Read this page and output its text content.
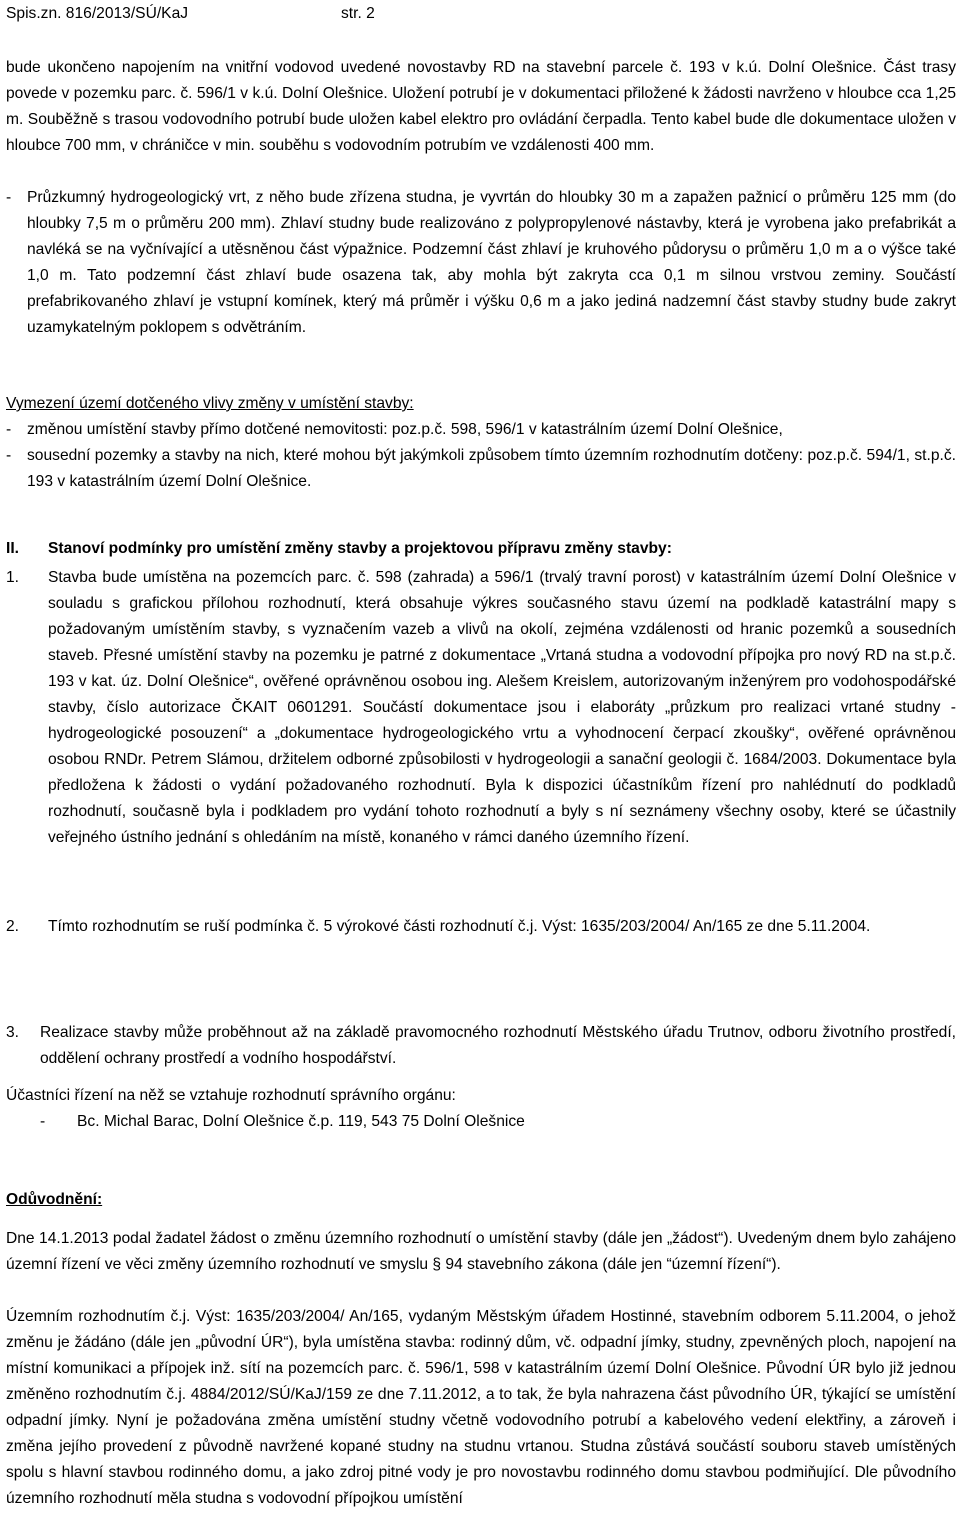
Spis.zn. 816/2013/SÚ/KaJ	str. 2
bude ukončeno napojením na vnitřní vodovod uvedené novostavby RD na stavební parcele č. 193 v k.ú. Dolní Olešnice. Část trasy povede v pozemku parc. č. 596/1 v k.ú. Dolní Olešnice. Uložení potrubí je v dokumentaci přiložené k žádosti navrženo v hloubce cca 1,25 m. Souběžně s trasou vodovodního potrubí bude uložen kabel elektro pro ovládání čerpadla. Tento kabel bude dle dokumentace uložen v hloubce 700 mm, v chráničce v min. souběhu s vodovodním potrubím ve vzdálenosti 400 mm.
- Průzkumný hydrogeologický vrt, z něho bude zřízena studna, je vyvrtán do hloubky 30 m a zapažen pažnicí o průměru 125 mm (do hloubky 7,5 m o průměru 200 mm). Zhlaví studny bude realizováno z polypropylenové nástavby, která je vyrobena jako prefabrikát a navléká se na vyčnívající a utěsněnou část výpažnice. Podzemní část zhlaví je kruhového půdorysu o průměru 1,0 m a o výšce také 1,0 m. Tato podzemní část zhlaví bude osazena tak, aby mohla být zakryta cca 0,1 m silnou vrstvou zeminy. Součástí prefabrikovaného zhlaví je vstupní komínek, který má průměr i výšku 0,6 m a jako jediná nadzemní část stavby studny bude zakryt uzamykatelným poklopem s odvětráním.
Vymezení území dotčeného vlivy změny v umístění stavby:
- změnou umístění stavby přímo dotčené nemovitosti: poz.p.č. 598, 596/1 v katastrálním území Dolní Olešnice,
- sousední pozemky a stavby na nich, které mohou být jakýmkoli způsobem tímto územním rozhodnutím dotčeny: poz.p.č. 594/1, st.p.č. 193 v katastrálním území Dolní Olešnice.
II. Stanoví podmínky pro umístění změny stavby a projektovou přípravu změny stavby:
1. Stavba bude umístěna na pozemcích parc. č. 598 (zahrada) a 596/1 (trvalý travní porost) v katastrálním území Dolní Olešnice v souladu s grafickou přílohou rozhodnutí, která obsahuje výkres současného stavu území na podkladě katastrální mapy s požadovaným umístěním stavby, s vyznačením vazeb a vlivů na okolí, zejména vzdálenosti od hranic pozemků a sousedních staveb. Přesné umístění stavby na pozemku je patrné z dokumentace „Vrtaná studna a vodovodní přípojka pro nový RD na st.p.č. 193 v kat. úz. Dolní Olešnice“, ověřené oprávněnou osobou ing. Alešem Kreislem, autorizovaným inženýrem pro vodohospodářské stavby, číslo autorizace ČKAIT 0601291. Součástí dokumentace jsou i elaboráty „průzkum pro realizaci vrtané studny - hydrogeologické posouzení“ a „dokumentace hydrogeologického vrtu a vyhodnocení čerpací zkoušky“, ověřené oprávněnou osobou RNDr. Petrem Slámou, držitelem odborné způsobilosti v hydrogeologii a sanační geologii č. 1684/2003. Dokumentace byla předložena k žádosti o vydání požadovaného rozhodnutí. Byla k dispozici účastníkům řízení pro nahlédnutí do podkladů rozhodnutí, současně byla i podkladem pro vydání tohoto rozhodnutí a byly s ní seznámeny všechny osoby, které se účastnily veřejného ústního jednání s ohledáním na místě, konaného v rámci daného územního řízení.
2. Tímto rozhodnutím se ruší podmínka č. 5 výrokové části rozhodnutí č.j. Výst: 1635/203/2004/ An/165 ze dne 5.11.2004.
3. Realizace stavby může proběhnout až na základě pravomocného rozhodnutí Městského úřadu Trutnov, odboru životního prostředí, oddělení ochrany prostředí a vodního hospodářství.
Účastníci řízení na něž se vztahuje rozhodnutí správního orgánu:
- Bc. Michal Barac, Dolní Olešnice č.p. 119, 543 75 Dolní Olešnice
Odůvodnění:
Dne 14.1.2013 podal žadatel žádost o změnu územního rozhodnutí o umístění stavby (dále jen „žádost“). Uvedeným dnem bylo zahájeno územní řízení ve věci změny územního rozhodnutí ve smyslu § 94 stavebního zákona (dále jen “územní řízení“).
Územním rozhodnutím č.j. Výst: 1635/203/2004/ An/165, vydaným Městským úřadem Hostinné, stavebním odborem 5.11.2004, o jehož změnu je žádáno (dále jen „původní ÚR“), byla umístěna stavba: rodinný dům, vč. odpadní jímky, studny, zpevněných ploch, napojení na místní komunikaci a přípojek inž. sítí na pozemcích parc. č. 596/1, 598 v katastrálním území Dolní Olešnice. Původní ÚR bylo již jednou změněno rozhodnutím č.j. 4884/2012/SÚ/KaJ/159 ze dne 7.11.2012, a to tak, že byla nahrazena část původního ÚR, týkající se umístění odpadní jímky. Nyní je požadována změna umístění studny včetně vodovodního potrubí a kabelového vedení elektřiny, a zároveň i změna jejího provedení z původně navržené kopané studny na studnu vrtanou. Studna zůstává součástí souboru staveb umístěných spolu s hlavní stavbou rodinného domu, a jako zdroj pitné vody je pro novostavbu rodinného domu stavbou podmiňující. Dle původního územního rozhodnutí měla studna s vodovodní přípojkou umístění
